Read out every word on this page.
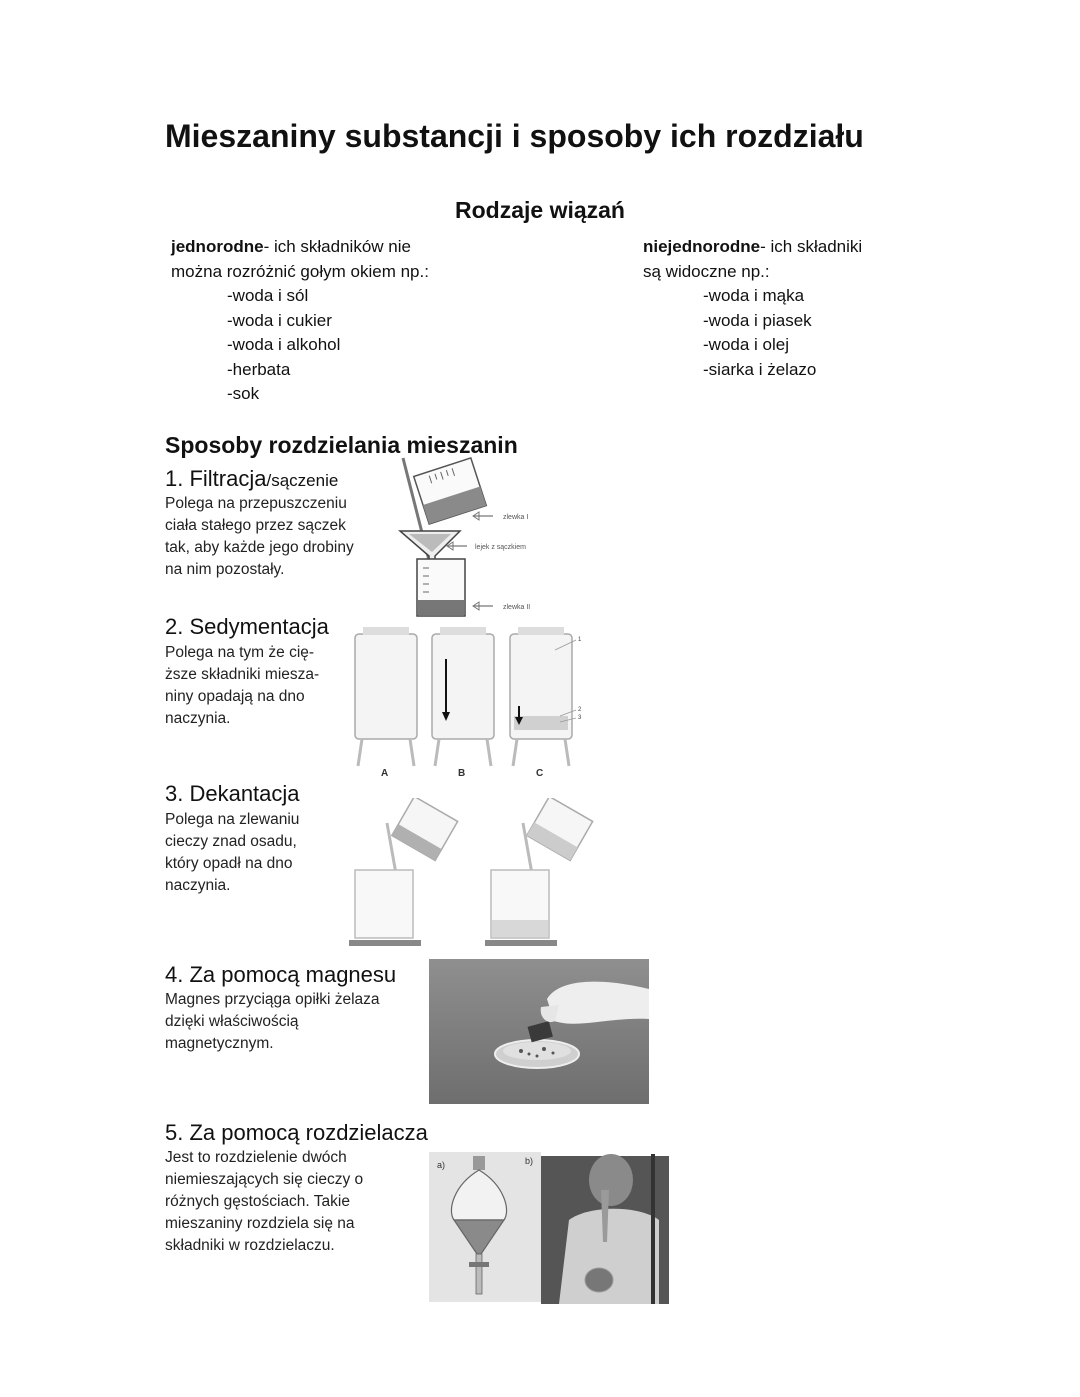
Mieszaniny substancji i sposoby ich rozdziału
Rodzaje wiązań
jednorodne- ich składników nie
można rozróżnić gołym okiem np.:
-woda i sól
-woda i cukier
-woda i alkohol
-herbata
-sok
niejednorodne- ich składniki
są widoczne np.:
-woda i mąka
-woda i piasek
-woda i olej
-siarka i żelazo
Sposoby rozdzielania mieszanin
1. Filtracja/sączenie
Polega na przepuszczeniu
ciała stałego przez sączek
tak, aby każde jego drobiny
na nim pozostały.
zlewka I
lejek z sączkiem
zlewka II
2. Sedymentacja
Polega na tym że cię-
ższe składniki miesza-
niny opadają na dno
naczynia.
1
2
3
A	B	C
3. Dekantacja
Polega na zlewaniu
cieczy znad osadu,
który opadł na dno
naczynia.
4. Za pomocą magnesu
Magnes przyciąga opiłki żelaza
dzięki właściwością
magnetycznym.
5. Za pomocą rozdzielacza
Jest to rozdzielenie dwóch
niemieszających się cieczy o
różnych gęstościach. Takie
mieszaniny rozdziela się na
składniki w rozdzielaczu.
a)	b)
